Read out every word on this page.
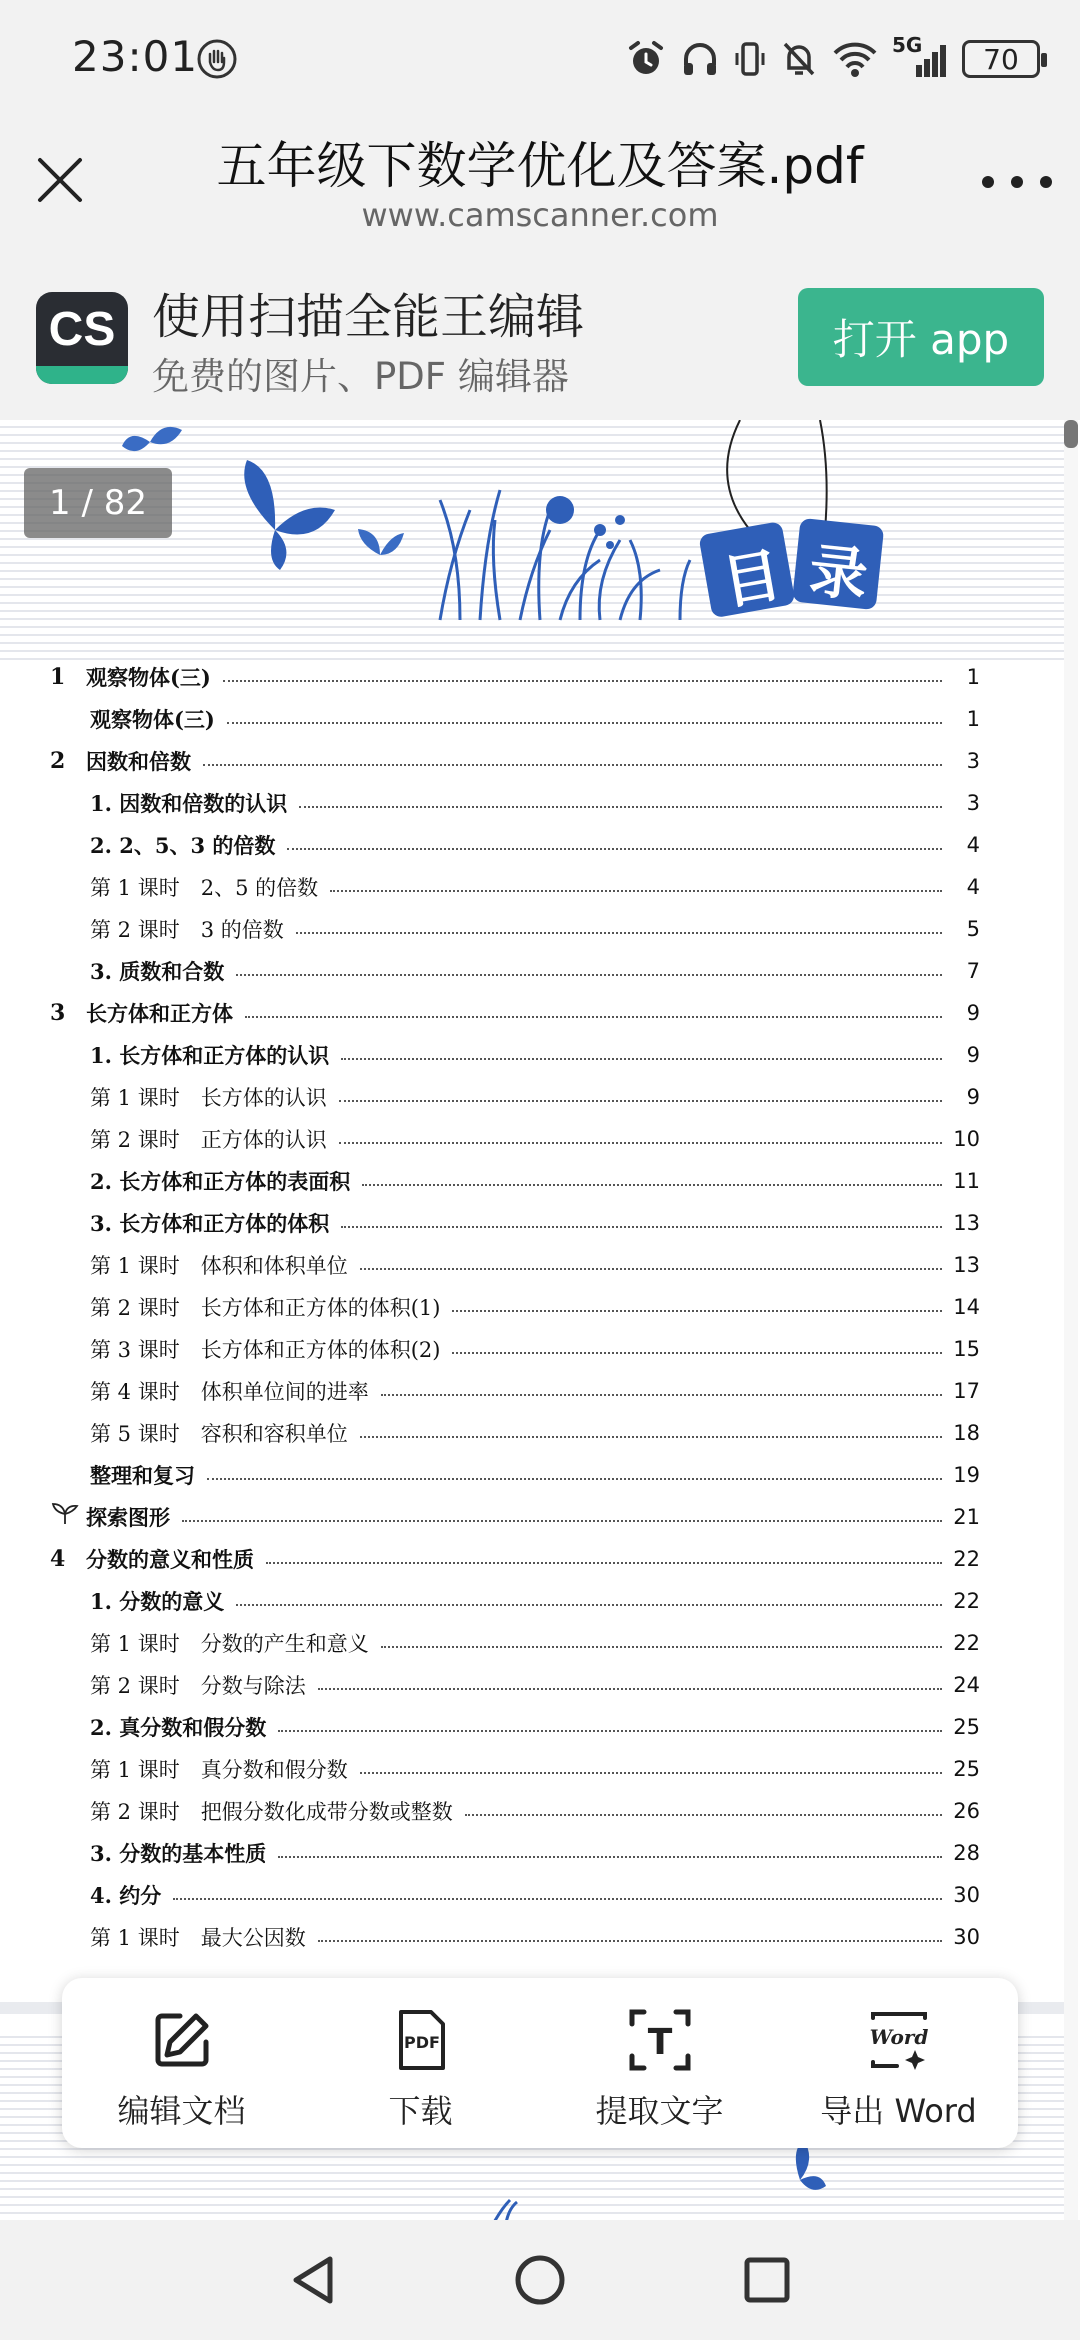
23:01	5G 70
五年级下数学优化及答案.pdf
www.camscanner.com
CS 使用扫描全能王编辑
免费的图片、PDF 编辑器
打开 app
目 录
1 / 82
1 观察物体(三)	1
观察物体(三)	1
2 因数和倍数	3
1. 因数和倍数的认识	3
2. 2、5、3 的倍数	4
第 1 课时　2、5 的倍数	4
第 2 课时　3 的倍数	5
3. 质数和合数	7
3 长方体和正方体	9
1. 长方体和正方体的认识	9
第 1 课时　长方体的认识	9
第 2 课时　正方体的认识	10
2. 长方体和正方体的表面积	11
3. 长方体和正方体的体积	13
第 1 课时　体积和体积单位	13
第 2 课时　长方体和正方体的体积(1)	14
第 3 课时　长方体和正方体的体积(2)	15
第 4 课时　体积单位间的进率	17
第 5 课时　容积和容积单位	18
整理和复习	19
探索图形	21
4 分数的意义和性质	22
1. 分数的意义	22
第 1 课时　分数的产生和意义	22
第 2 课时　分数与除法	24
2. 真分数和假分数	25
第 1 课时　真分数和假分数	25
第 2 课时　把假分数化成带分数或整数	26
3. 分数的基本性质	28
4. 约分	30
第 1 课时　最大公因数	30
编辑文档
PDF
下载
T
提取文字
Word
导出 Word
